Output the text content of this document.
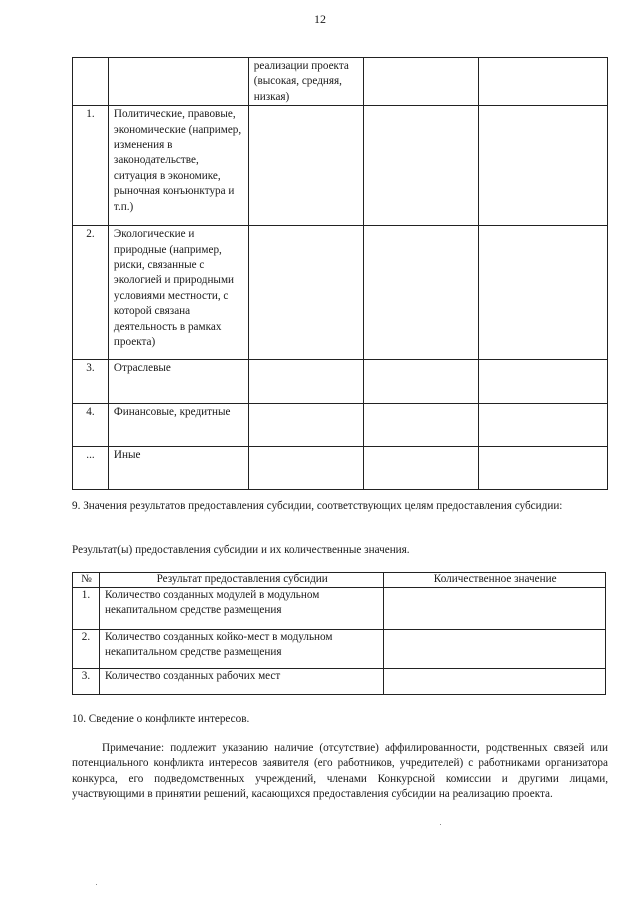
12
		реализации проекта (высокая, средняя, низкая)		
1.	Политические, правовые, экономические (например, изменения в законодательстве, ситуация в экономике, рыночная конъюнктура и т.п.)			
2.	Экологические и природные (например, риски, связанные с экологией и природными условиями местности, с которой связана деятельность в рамках проекта)			
3.	Отраслевые			
4.	Финансовые, кредитные			
...	Иные			

9. Значения результатов предоставления субсидии, соответствующих целям предоставления субсидии:

Результат(ы) предоставления субсидии и их количественные значения.

№	Результат предоставления субсидии	Количественное значение
1.	Количество созданных модулей в модульном некапитальном средстве размещения	
2.	Количество созданных койко-мест в модульном некапитальном средстве размещения	
3.	Количество созданных рабочих мест	

10. Сведение о конфликте интересов.

Примечание: подлежит указанию наличие (отсутствие) аффилированности, родственных связей или потенциального конфликта интересов заявителя (его работников, учредителей) с работниками организатора конкурса, его подведомственных учреждений, членами Конкурсной комиссии и другими лицами, участвующими в принятии решений, касающихся предоставления субсидии на реализацию проекта.
